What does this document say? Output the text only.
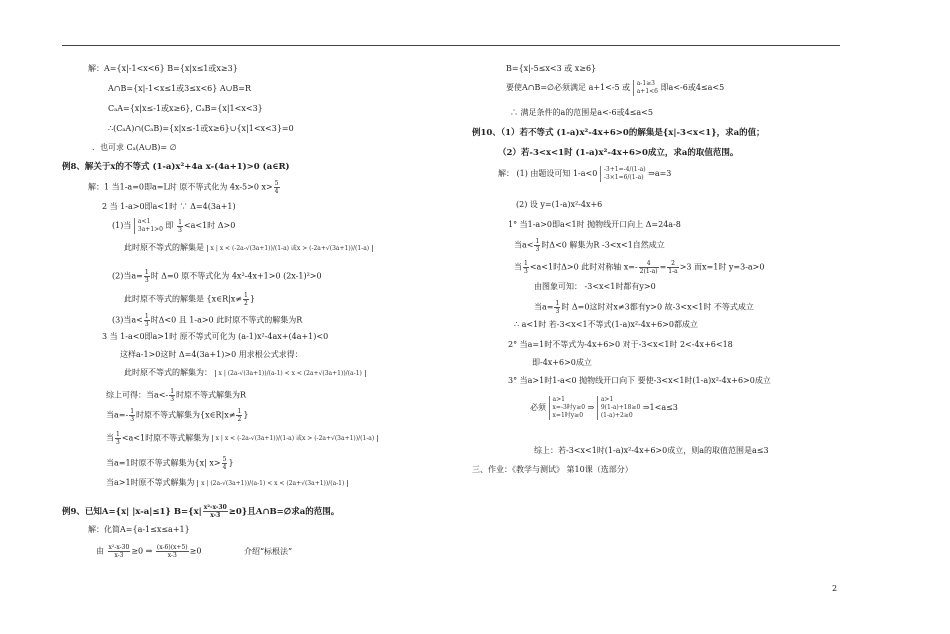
解：A={x|-1<x<6} B={x|x≤1或x≥3}
A∩B={x|-1<x≤1或3≤x<6} A∪B=R
CₐA={x|x≤-1或x≥6}, CₐB={x|1<x<3}
∴(CₐA)∩(CₐB)={x|x≤-1或x≥6}∪{x|1<x<3}=0
．也可求 Cₐ(A∪B)= ∅
例8、解关于x的不等式 (1-a)x²+4a x-(4a+1)>0 (a∈R)
解：1 当1-a=0即a=L时 原不等式化为 4x-5>0 $x> \frac{5}{4}$
2 当 1-a>0即a<1时 ∵ Δ=4(3a+1)
(1)当 a<1
3a+1>0 即 $\frac{1}{3} <a<1$时 Δ>0
此时原不等式的解集是 x | x < (-2a-√(3a+1))/(1-a) 或x > (-2a+√(3a+1))/(1-a)
(2)当$a= \frac{1}{3}$ 时 Δ=0 原不等式化为 4x²-4x+1>0 (2x-1)²>0
此时原不等式的解集是 {x∈R|x≠ $\frac{1}{2}$ }
(3)当$a< \frac{1}{3}$ 时Δ<0 且 1-a>0 此时原不等式的解集为R
3 当 1-a<0即a>1时 原不等式可化为 (a-1)x²-4ax+(4a+1)<0
这样a-1>0这时 Δ=4(3a+1)>0 用求根公式求得：
此时原不等式的解集为： x | (2a-√(3a+1))/(a-1) < x < (2a+√(3a+1))/(a-1)
综上可得：当$a<- \frac{1}{3}$ 时原不等式解集为R
当$a=- \frac{1}{3}$ 时原不等式解集为{x∈R|x≠ $\frac{1}{2}$ }
当 $\frac{1}{3} <a<1$时原不等式解集为 x | x < (-2a-√(3a+1))/(1-a) 或x > (-2a+√(3a+1))/(1-a)
当a=1时原不等式解集为{x| $x> \frac{5}{4}$ }
当a>1时原不等式解集为 x | (2a-√(3a+1))/(a-1) < x < (2a+√(3a+1))/(a-1)
例9、已知A={x| |x-a|≤1} $B=\{x| \frac{\text{x²-x-30}}{x-3} \ge 0\}$且A∩B=∅求a的范围。
解：化简A={a-1≤x≤a+1}
由 $\frac{\text{x²-x-30}}{x-3} \ge 0$ ⇒ $\frac{(x-6)(x+5)}{x-3} \ge 0$	介绍“标根法”
B={x|-5≤x<3 或 x≥6}
要使A∩B=∅必须满足 a+1<-5 或 a-1≥3
a+1<6 即a<-6或4≤a<5
∴ 满足条件的a的范围是a<-6或4≤a<5
例10、（1）若不等式 (1-a)x²-4x+6>0的解集是{x|-3<x<1}，求a的值；
（2）若-3<x<1时 (1-a)x²-4x+6>0成立，求a的取值范围。
解： (1) 由题设可知 1-a<0 -3+1=-4/(1-a)
-3×1=6/(1-a) ⇒a=3
(2) 设 y=(1-a)x²-4x+6
1° 当1-a>0即a<1时 抛物线开口向上 Δ=24a-8
当$a< \frac{1}{3}$ 时Δ<0 解集为R -3<x<1自然成立
当 $\frac{1}{3} <a<1$时Δ>0 此时对称轴 $x=- \frac{4}{2(1-a)} = \frac{2}{1-a} >3$ 而x=1时 y=3-a>0
由图象可知： -3<x<1时都有y>0
当$a= \frac{1}{3}$ 时 Δ=0这时对x≠3都有y>0 故-3<x<1时 不等式成立
∴ a<1时 若-3<x<1不等式(1-a)x²-4x+6>0都成立
2° 当a=1时不等式为-4x+6>0 对于-3<x<1时 2<-4x+6<18
即-4x+6>0成立
3° 当a>1时1-a<0 抛物线开口向下 要使-3<x<1时(1-a)x²-4x+6>0成立
必须
a>1
x=-3时y≥0
x=1时y≥0
⇒
a>1
9(1-a)+18≥0
(1-a)+2≥0
⇒1<a≤3
综上：若-3<x<1时(1-a)x²-4x+6>0成立，则a的取值范围是a≤3
三、作业：《教学与测试》 第10课（选部分）
2
